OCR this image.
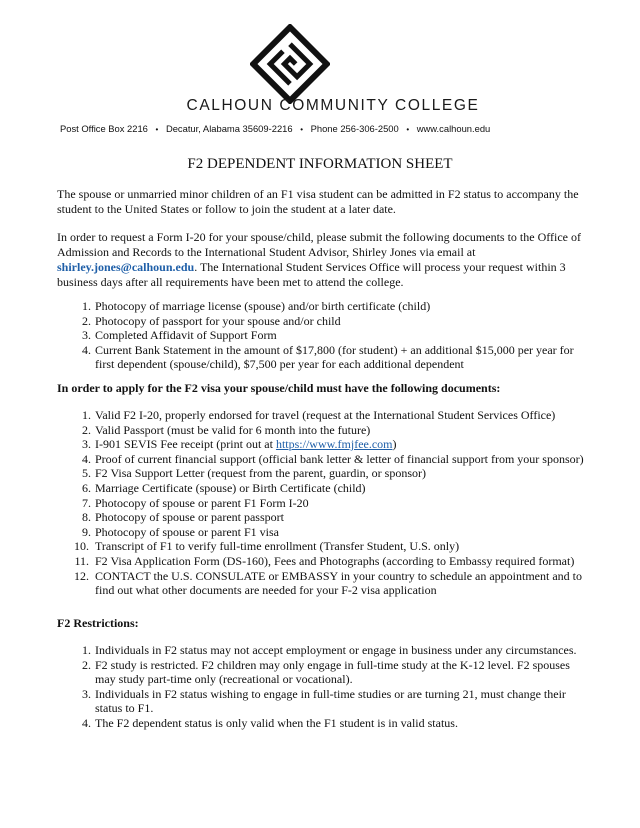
CALHOUN COMMUNITY COLLEGE
Post Office Box 2216 • Decatur, Alabama 35609-2216 • Phone 256-306-2500 • www.calhoun.edu
F2 DEPENDENT INFORMATION SHEET
The spouse or unmarried minor children of an F1 visa student can be admitted in F2 status to accompany the student to the United States or follow to join the student at a later date.
In order to request a Form I-20 for your spouse/child, please submit the following documents to the Office of Admission and Records to the International Student Advisor, Shirley Jones via email at shirley.jones@calhoun.edu. The International Student Services Office will process your request within 3 business days after all requirements have been met to attend the college.
1. Photocopy of marriage license (spouse) and/or birth certificate (child)
2. Photocopy of passport for your spouse and/or child
3. Completed Affidavit of Support Form
4. Current Bank Statement in the amount of $17,800 (for student) + an additional $15,000 per year for first dependent (spouse/child), $7,500 per year for each additional dependent
In order to apply for the F2 visa your spouse/child must have the following documents:
1. Valid F2 I-20, properly endorsed for travel (request at the International Student Services Office)
2. Valid Passport (must be valid for 6 month into the future)
3. I-901 SEVIS Fee receipt (print out at https://www.fmjfee.com)
4. Proof of current financial support (official bank letter & letter of financial support from your sponsor)
5. F2 Visa Support Letter (request from the parent, guardin, or sponsor)
6. Marriage Certificate (spouse) or Birth Certificate (child)
7. Photocopy of spouse or parent F1 Form I-20
8. Photocopy of spouse or parent passport
9. Photocopy of spouse or parent F1 visa
10. Transcript of F1 to verify full-time enrollment (Transfer Student, U.S. only)
11. F2 Visa Application Form (DS-160), Fees and Photographs (according to Embassy required format)
12. CONTACT the U.S. CONSULATE or EMBASSY in your country to schedule an appointment and to find out what other documents are needed for your F-2 visa application
F2 Restrictions:
1. Individuals in F2 status may not accept employment or engage in business under any circumstances.
2. F2 study is restricted. F2 children may only engage in full-time study at the K-12 level. F2 spouses may study part-time only (recreational or vocational).
3. Individuals in F2 status wishing to engage in full-time studies or are turning 21, must change their status to F1.
4. The F2 dependent status is only valid when the F1 student is in valid status.
